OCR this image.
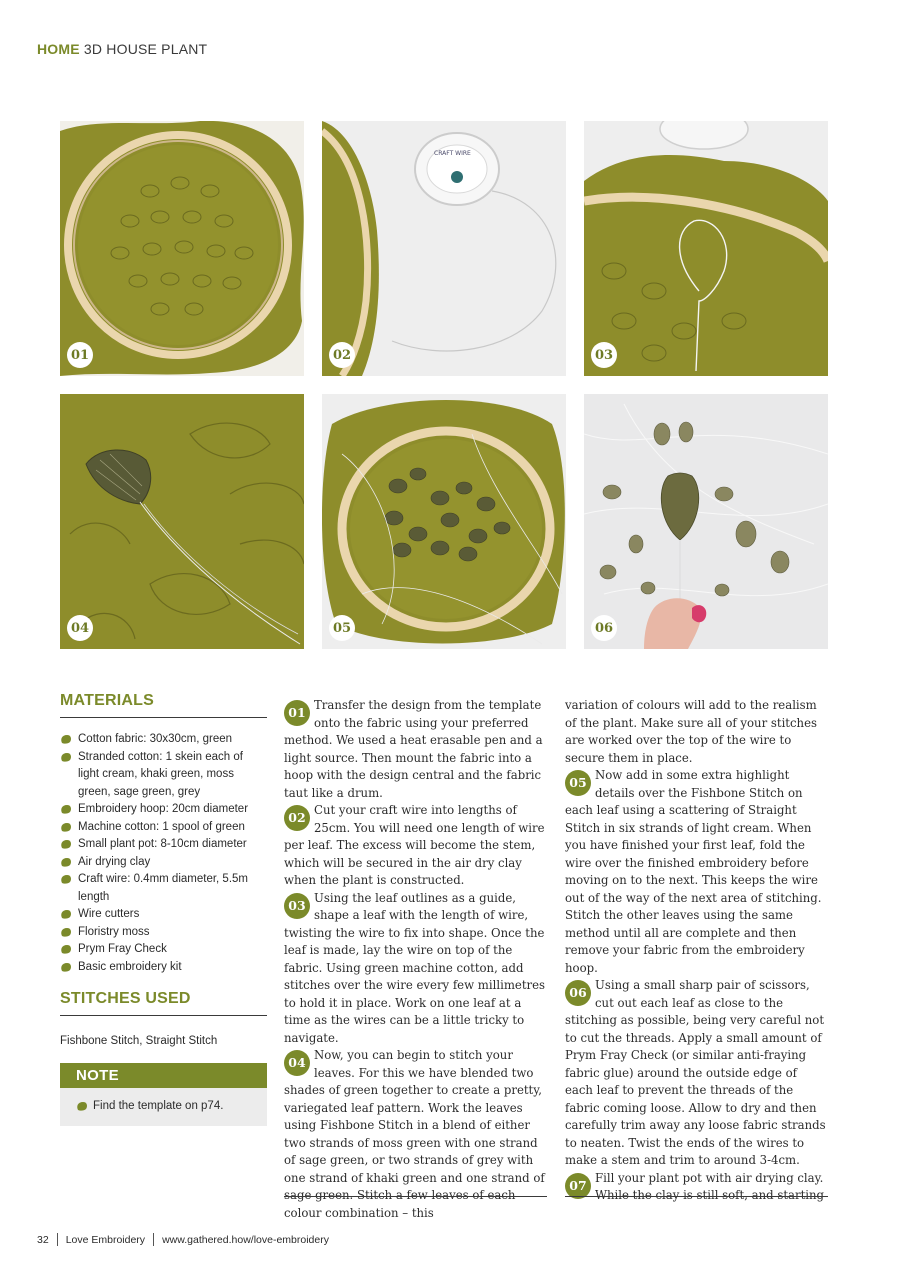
HOME 3D HOUSE PLANT
01
CRAFT WIRE
02	03
04	05	06
MATERIALS
Cotton fabric: 30x30cm, green
Stranded cotton: 1 skein each of light cream, khaki green, moss green, sage green, grey
Embroidery hoop: 20cm diameter
Machine cotton: 1 spool of green
Small plant pot: 8-10cm diameter
Air drying clay
Craft wire: 0.4mm diameter, 5.5m length
Wire cutters
Floristry moss
Prym Fray Check
Basic embroidery kit
STITCHES USED
Fishbone Stitch, Straight Stitch
NOTE
Find the template on p74.

01
Transfer the design from the template onto the fabric using your preferred method. We used a heat erasable pen and a light source. Then mount the fabric into a hoop with the design central and the fabric taut like a drum.

02
Cut your craft wire into lengths of 25cm. You will need one length of wire per leaf. The excess will become the stem, which will be secured in the air dry clay when the plant is constructed.

03
Using the leaf outlines as a guide, shape a leaf with the length of wire, twisting the wire to fix into shape. Once the leaf is made, lay the wire on top of the fabric. Using green machine cotton, add stitches over the wire every few millimetres to hold it in place. Work on one leaf at a time as the wires can be a little tricky to navigate.

04
Now, you can begin to stitch your leaves. For this we have blended two shades of green together to create a pretty, variegated leaf pattern. Work the leaves using Fishbone Stitch in a blend of either two strands of moss green with one strand of sage green, or two strands of grey with one strand of khaki green and one strand of sage green. Stitch a few leaves of each colour combination – this

variation of colours will add to the realism of the plant. Make sure all of your stitches are worked over the top of the wire to secure them in place.

05
Now add in some extra highlight details over the Fishbone Stitch on each leaf using a scattering of Straight Stitch in six strands of light cream. When you have finished your first leaf, fold the wire over the finished embroidery before moving on to the next. This keeps the wire out of the way of the next area of stitching. Stitch the other leaves using the same method until all are complete and then remove your fabric from the embroidery hoop.

06
Using a small sharp pair of scissors, cut out each leaf as close to the stitching as possible, being very careful not to cut the threads. Apply a small amount of Prym Fray Check (or similar anti-fraying fabric glue) around the outside edge of each leaf to prevent the threads of the fabric coming loose. Allow to dry and then carefully trim away any loose fabric strands to neaten. Twist the ends of the wires to make a stem and trim to around 3-4cm.

07
Fill your plant pot with air drying clay. While the clay is still soft, and starting

32 Love Embroidery www.gathered.how/love-embroidery
